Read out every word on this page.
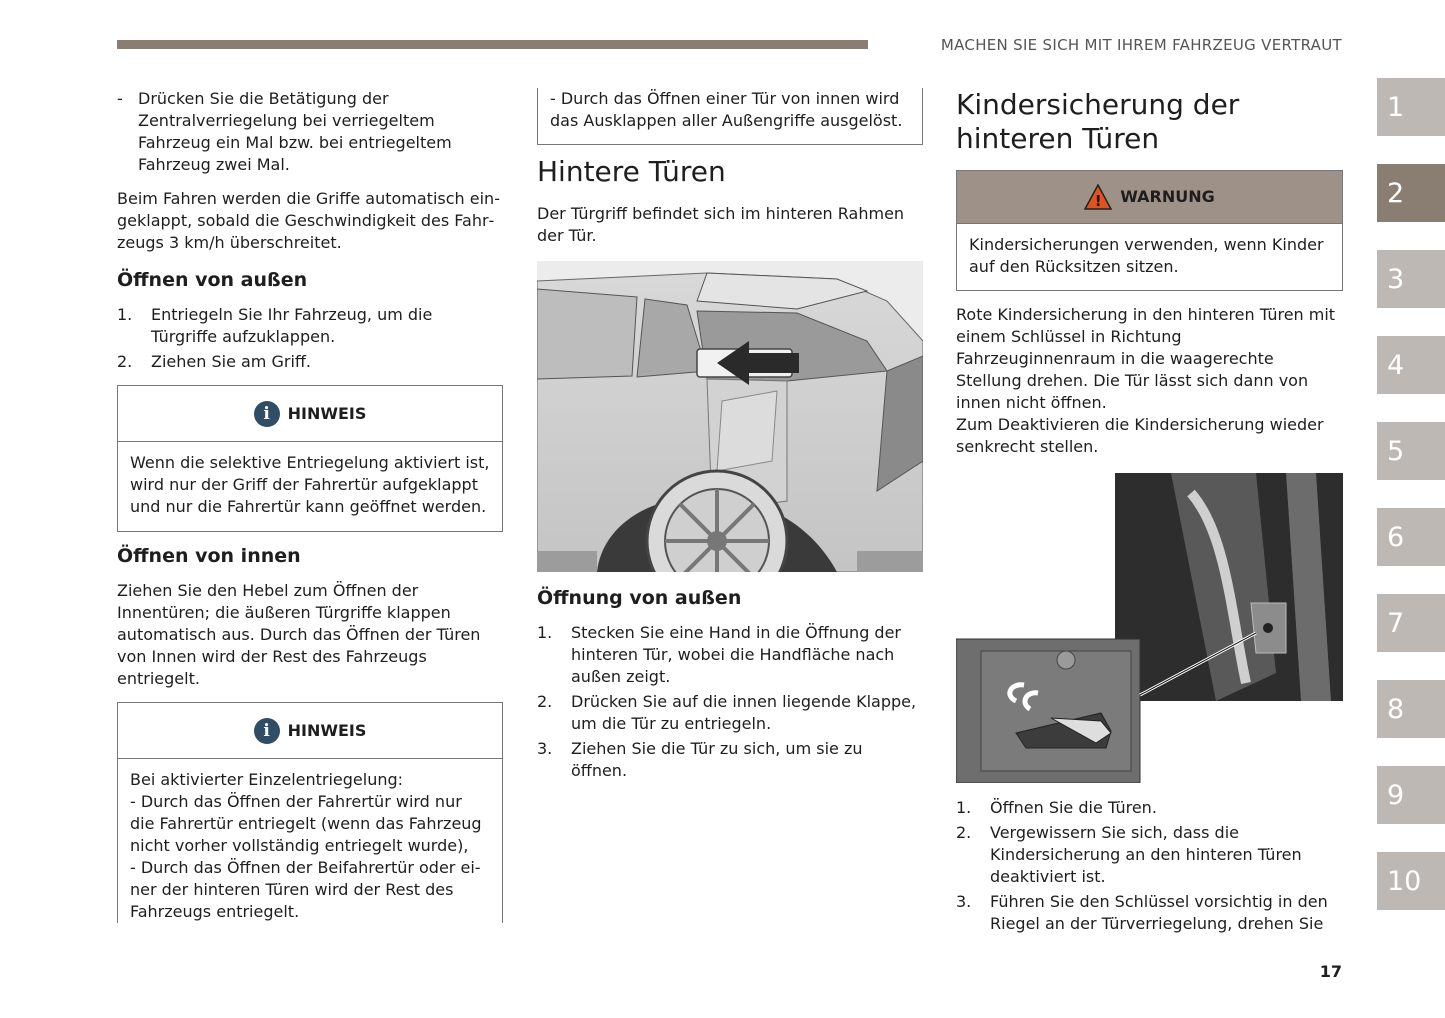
MACHEN SIE SICH MIT IHREM FAHRZEUG VERTRAUT
- Drücken Sie die Betätigung der Zentralverriegelung bei verriegeltem Fahrzeug ein Mal bzw. bei entriegeltem Fahrzeug zwei Mal.

Beim Fahren werden die Griffe automatisch eingeklappt, sobald die Geschwindigkeit des Fahrzeugs 3 km/h überschreitet.

Öffnen von außen
1.	Entriegeln Sie Ihr Fahrzeug, um die Türgriffe aufzuklappen.
2.	Ziehen Sie am Griff.
i	HINWEIS
Wenn die selektive Entriegelung aktiviert ist, wird nur der Griff der Fahrertür aufgeklappt und nur die Fahrertür kann geöffnet werden.
Öffnen von innen

Ziehen Sie den Hebel zum Öffnen der Innentüren; die äußeren Türgriffe klappen automatisch aus. Durch das Öffnen der Türen von Innen wird der Rest des Fahrzeugs entriegelt.

i	HINWEIS
Bei aktivierter Einzelentriegelung:
- Durch das Öffnen der Fahrertür wird nur die Fahrertür entriegelt (wenn das Fahrzeug nicht vorher vollständig entriegelt wurde),
- Durch das Öffnen der Beifahrertür oder einer der hinteren Türen wird der Rest des Fahrzeugs entriegelt.
- Durch das Öffnen einer Tür von innen wird das Ausklappen aller Außengriffe ausgelöst.
Hintere Türen

Der Türgriff befindet sich im hinteren Rahmen der Tür.

Öffnung von außen
1.	Stecken Sie eine Hand in die Öffnung der hinteren Tür, wobei die Handfläche nach außen zeigt.
2.	Drücken Sie auf die innen liegende Klappe, um die Tür zu entriegeln.
3.	Ziehen Sie die Tür zu sich, um sie zu öffnen.
Kindersicherung der hinteren Türen
!	WARNUNG
Kindersicherungen verwenden, wenn Kinder auf den Rücksitzen sitzen.

Rote Kindersicherung in den hinteren Türen mit einem Schlüssel in Richtung Fahrzeuginnenraum in die waagerechte Stellung drehen. Die Tür lässt sich dann von innen nicht öffnen.

Zum Deaktivieren die Kindersicherung wieder senkrecht stellen.

1.	Öffnen Sie die Türen.
2.	Vergewissern Sie sich, dass die Kindersicherung an den hinteren Türen deaktiviert ist.
3.	Führen Sie den Schlüssel vorsichtig in den Riegel an der Türverriegelung, drehen Sie
1
2
3
4
5
6
7
8
9
10
17
